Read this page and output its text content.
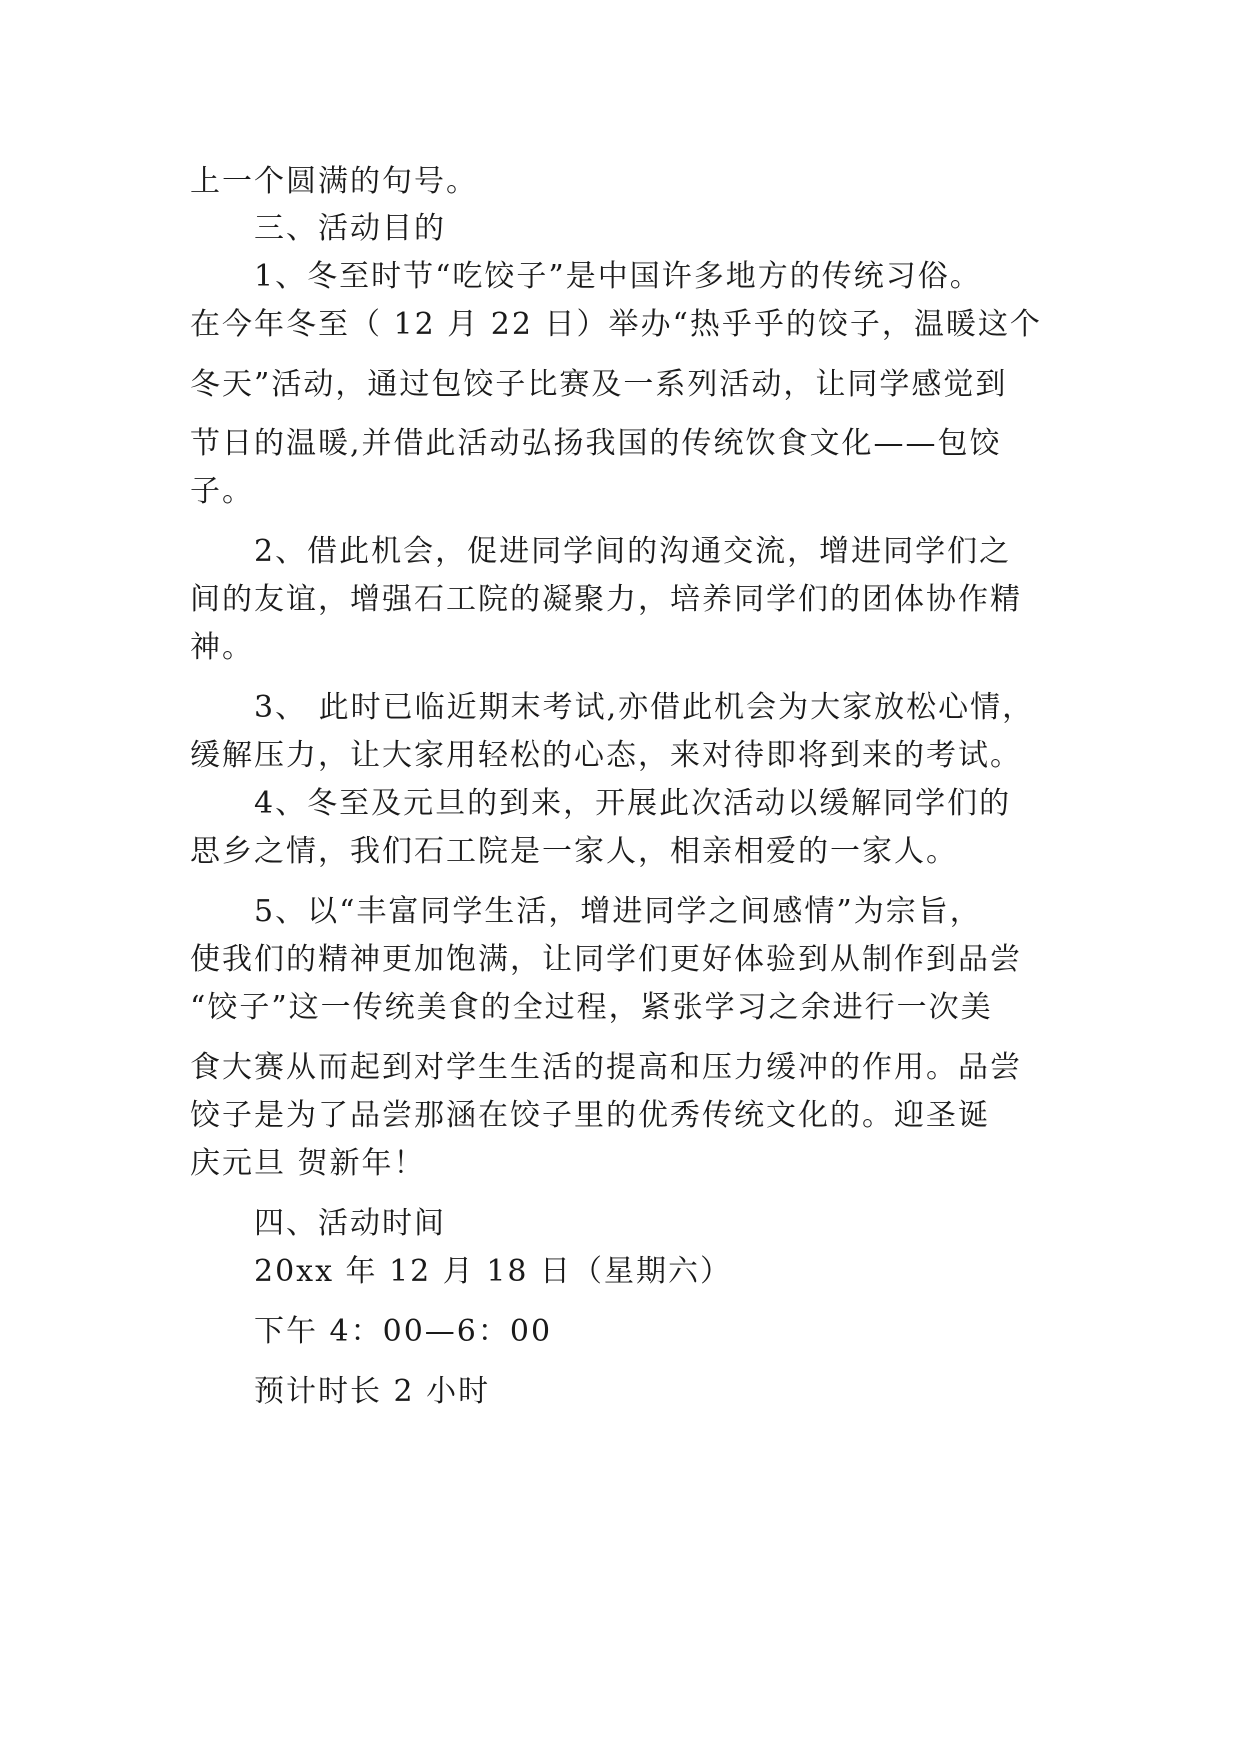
上一个圆满的句号。
三、活动目的
1、冬至时节“吃饺子”是中国许多地方的传统习俗。
在今年冬至（ 12 月 22 日）举办“热乎乎的饺子，温暖这个
冬天”活动，通过包饺子比赛及一系列活动，让同学感觉到
节日的温暖,并借此活动弘扬我国的传统饮食文化——包饺
子。
2、借此机会，促进同学间的沟通交流，增进同学们之
间的友谊，增强石工院的凝聚力，培养同学们的团体协作精
神。
3、 此时已临近期末考试,亦借此机会为大家放松心情，
缓解压力，让大家用轻松的心态，来对待即将到来的考试。
4、冬至及元旦的到来，开展此次活动以缓解同学们的
思乡之情，我们石工院是一家人，相亲相爱的一家人。
5、以“丰富同学生活，增进同学之间感情”为宗旨，
使我们的精神更加饱满，让同学们更好体验到从制作到品尝
“饺子”这一传统美食的全过程，紧张学习之余进行一次美
食大赛从而起到对学生生活的提高和压力缓冲的作用。品尝
饺子是为了品尝那涵在饺子里的优秀传统文化的。迎圣诞
庆元旦 贺新年！
四、活动时间
20xx 年 12 月 18 日（星期六）
下午 4：00—6：00
预计时长 2 小时
